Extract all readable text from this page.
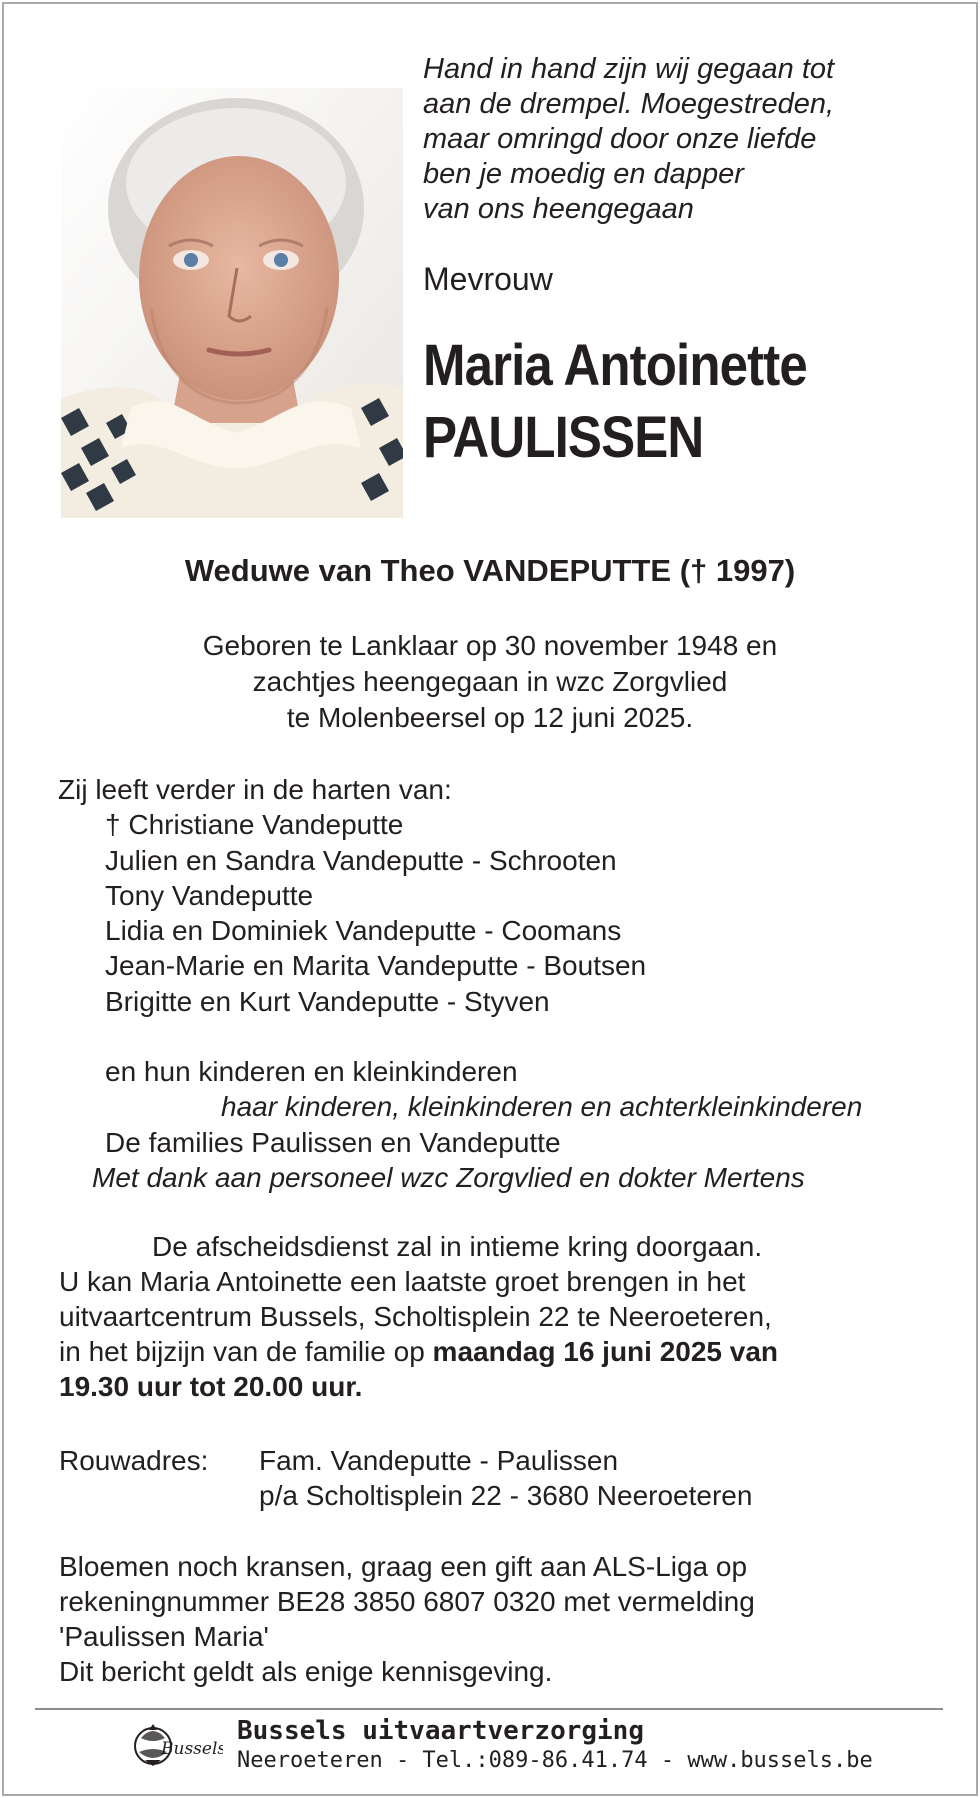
Hand in hand zijn wij gegaan tot
aan de drempel. Moegestreden,
maar omringd door onze liefde
ben je moedig en dapper
van ons heengegaan
Mevrouw
Maria Antoinette
PAULISSEN
Weduwe van Theo VANDEPUTTE († 1997)
Geboren te Lanklaar op 30 november 1948 en
zachtjes heengegaan in wzc Zorgvlied
te Molenbeersel op 12 juni 2025.
Zij leeft verder in de harten van:
† Christiane Vandeputte
Julien en Sandra Vandeputte - Schrooten
Tony Vandeputte
Lidia en Dominiek Vandeputte - Coomans
Jean-Marie en Marita Vandeputte - Boutsen
Brigitte en Kurt Vandeputte - Styven
en hun kinderen en kleinkinderen
haar kinderen, kleinkinderen en achterkleinkinderen
De families Paulissen en Vandeputte
Met dank aan personeel wzc Zorgvlied en dokter Mertens
De afscheidsdienst zal in intieme kring doorgaan.
U kan Maria Antoinette een laatste groet brengen in het
uitvaartcentrum Bussels, Scholtisplein 22 te Neeroeteren,
in het bijzijn van de familie op maandag 16 juni 2025 van
19.30 uur tot 20.00 uur.
Rouwadres:	Fam. Vandeputte - Paulissen
p/a Scholtisplein 22 - 3680 Neeroeteren
Bloemen noch kransen, graag een gift aan ALS-Liga op
rekeningnummer BE28 3850 6807 0320 met vermelding
'Paulissen Maria'
Dit bericht geldt als enige kennisgeving.
Bussels
Bussels uitvaartverzorging
Neeroeteren - Tel.:089-86.41.74 - www.bussels.be
